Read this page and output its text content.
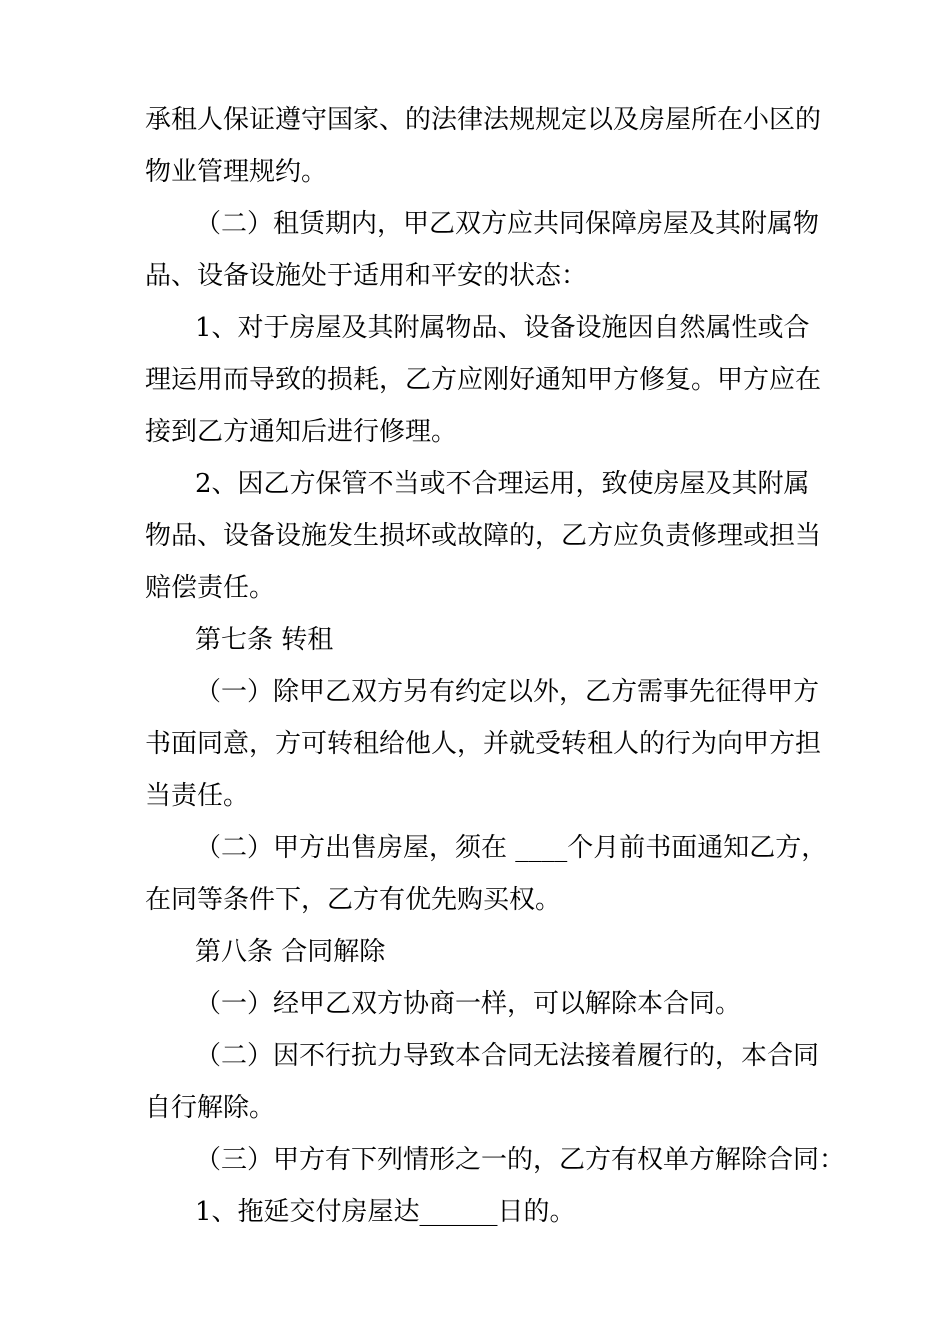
承租人保证遵守国家、的法律法规规定以及房屋所在小区的
物业管理规约。
（二）租赁期内，甲乙双方应共同保障房屋及其附属物
品、设备设施处于适用和平安的状态：
1、对于房屋及其附属物品、设备设施因自然属性或合
理运用而导致的损耗，乙方应刚好通知甲方修复。甲方应在
接到乙方通知后进行修理。
2、因乙方保管不当或不合理运用，致使房屋及其附属
物品、设备设施发生损坏或故障的，乙方应负责修理或担当
赔偿责任。
第七条 转租
（一）除甲乙双方另有约定以外，乙方需事先征得甲方
书面同意，方可转租给他人，并就受转租人的行为向甲方担
当责任。
（二）甲方出售房屋，须在 ____个月前书面通知乙方，
在同等条件下，乙方有优先购买权。
第八条 合同解除
（一）经甲乙双方协商一样，可以解除本合同。
（二）因不行抗力导致本合同无法接着履行的，本合同
自行解除。
（三）甲方有下列情形之一的，乙方有权单方解除合同：
1、拖延交付房屋达______日的。
